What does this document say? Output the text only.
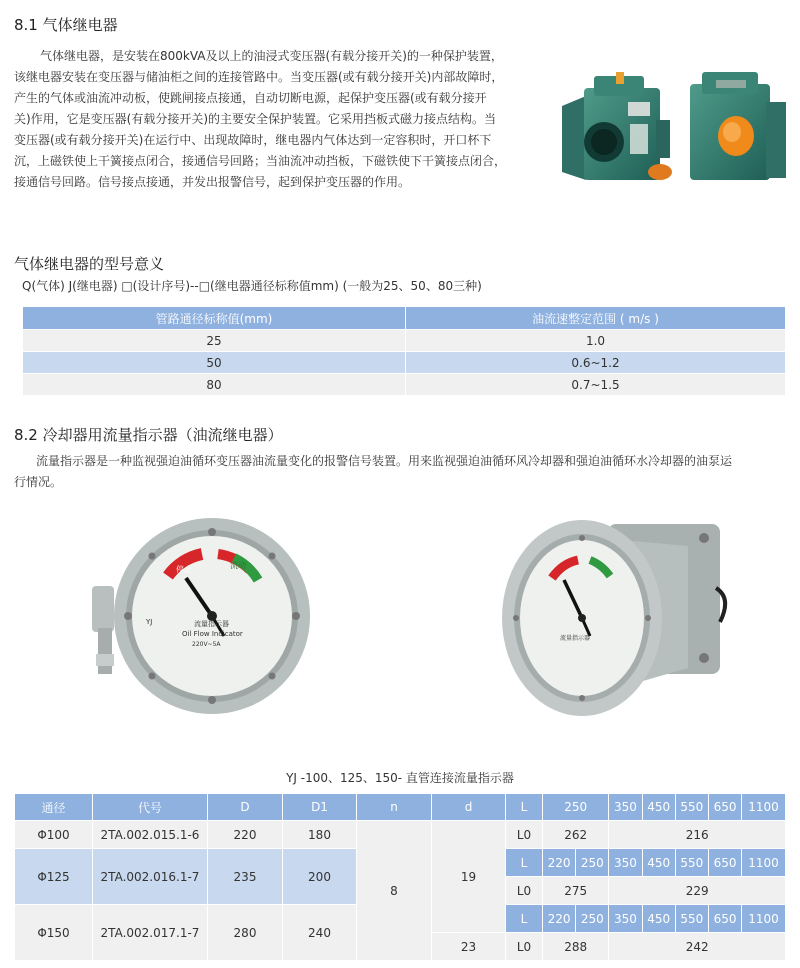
8.1 气体继电器

气体继电器，是安装在800kVA及以上的油浸式变压器(有载分接开关)的一种保护装置，

该继电器安装在变压器与储油柜之间的连接管路中。当变压器(或有载分接开关)内部故障时，

产生的气体或油流冲动板，使跳闸接点接通，自动切断电源，起保护变压器(或有载分接开

关)作用，它是变压器(有载分接开关)的主要安全保护装置。它采用挡板式磁力接点结构。当

变压器(或有载分接开关)在运行中、出现故障时，继电器内气体达到一定容积时，开口杯下

沉，上磁铁使上干簧接点闭合，接通信号回路；当油流冲动挡板，下磁铁使下干簧接点闭合，

接通信号回路。信号接点接通，并发出报警信号，起到保护变压器的作用。

气体继电器的型号意义
Q(气体) J(继电器) □(设计序号)--□(继电器通径标称值mm) (一般为25、50、80三种)
管路通径标称值(mm)	油流速整定范围 ( m/s )
25	1.0
50	0.6~1.2
80	0.7~1.5
8.2 冷却器用流量指示器（油流继电器）

流量指示器是一种监视强迫油循环变压器油流量变化的报警信号装置。用来监视强迫油循环风冷却器和强迫油循环水冷却器的油泵运

行情况。

停止	流动
YJ	流量指示器
Oil Flow Indicator
220V~5A
流量指示器
YJ -100、125、150- 直管连接流量指示器
通径	代号	D	D1	n	d	L	250		350	450	550	650	1100
Φ100	2TA.002.015.1-6	220	180	8	19	L0	262		216				
Φ125	2TA.002.016.1-7	235	200			L	220	250	350	450	550	650	1100
						L0	275		229				
Φ150	2TA.002.017.1-7	280	240			L	220	250	350	450	550	650	1100
					23	L0	288		242				
